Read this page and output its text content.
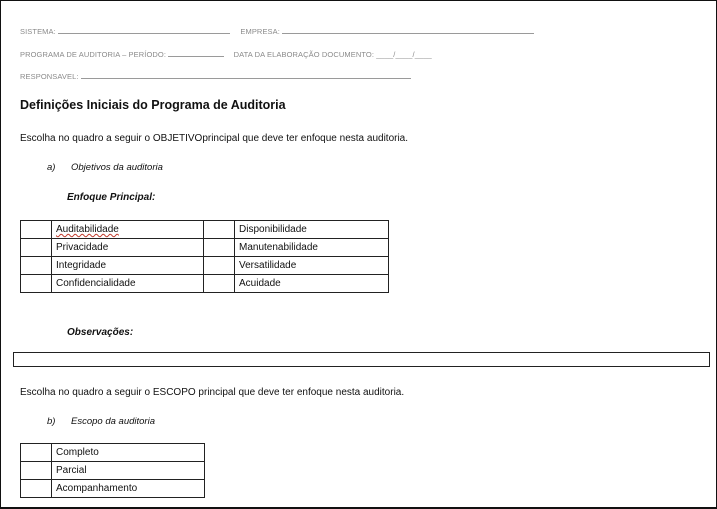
SISTEMA:	EMPRESA:
PROGRAMA DE AUDITORIA – PERÍODO:	DATA DA ELABORAÇÃO DOCUMENTO: ____/____/____
RESPONSAVEL:
Definições Iniciais do Programa de Auditoria
Escolha no quadro a seguir o OBJETIVOprincipal que deve ter enfoque nesta auditoria.
a) Objetivos da auditoria
Enfoque Principal:
	Auditabilidade		Disponibilidade
	Privacidade		Manutenabilidade
	Integridade		Versatilidade
	Confidencialidade		Acuidade
Observações:
Escolha no quadro a seguir o ESCOPO principal que deve ter enfoque nesta auditoria.
b) Escopo da auditoria
	Completo
	Parcial
	Acompanhamento
